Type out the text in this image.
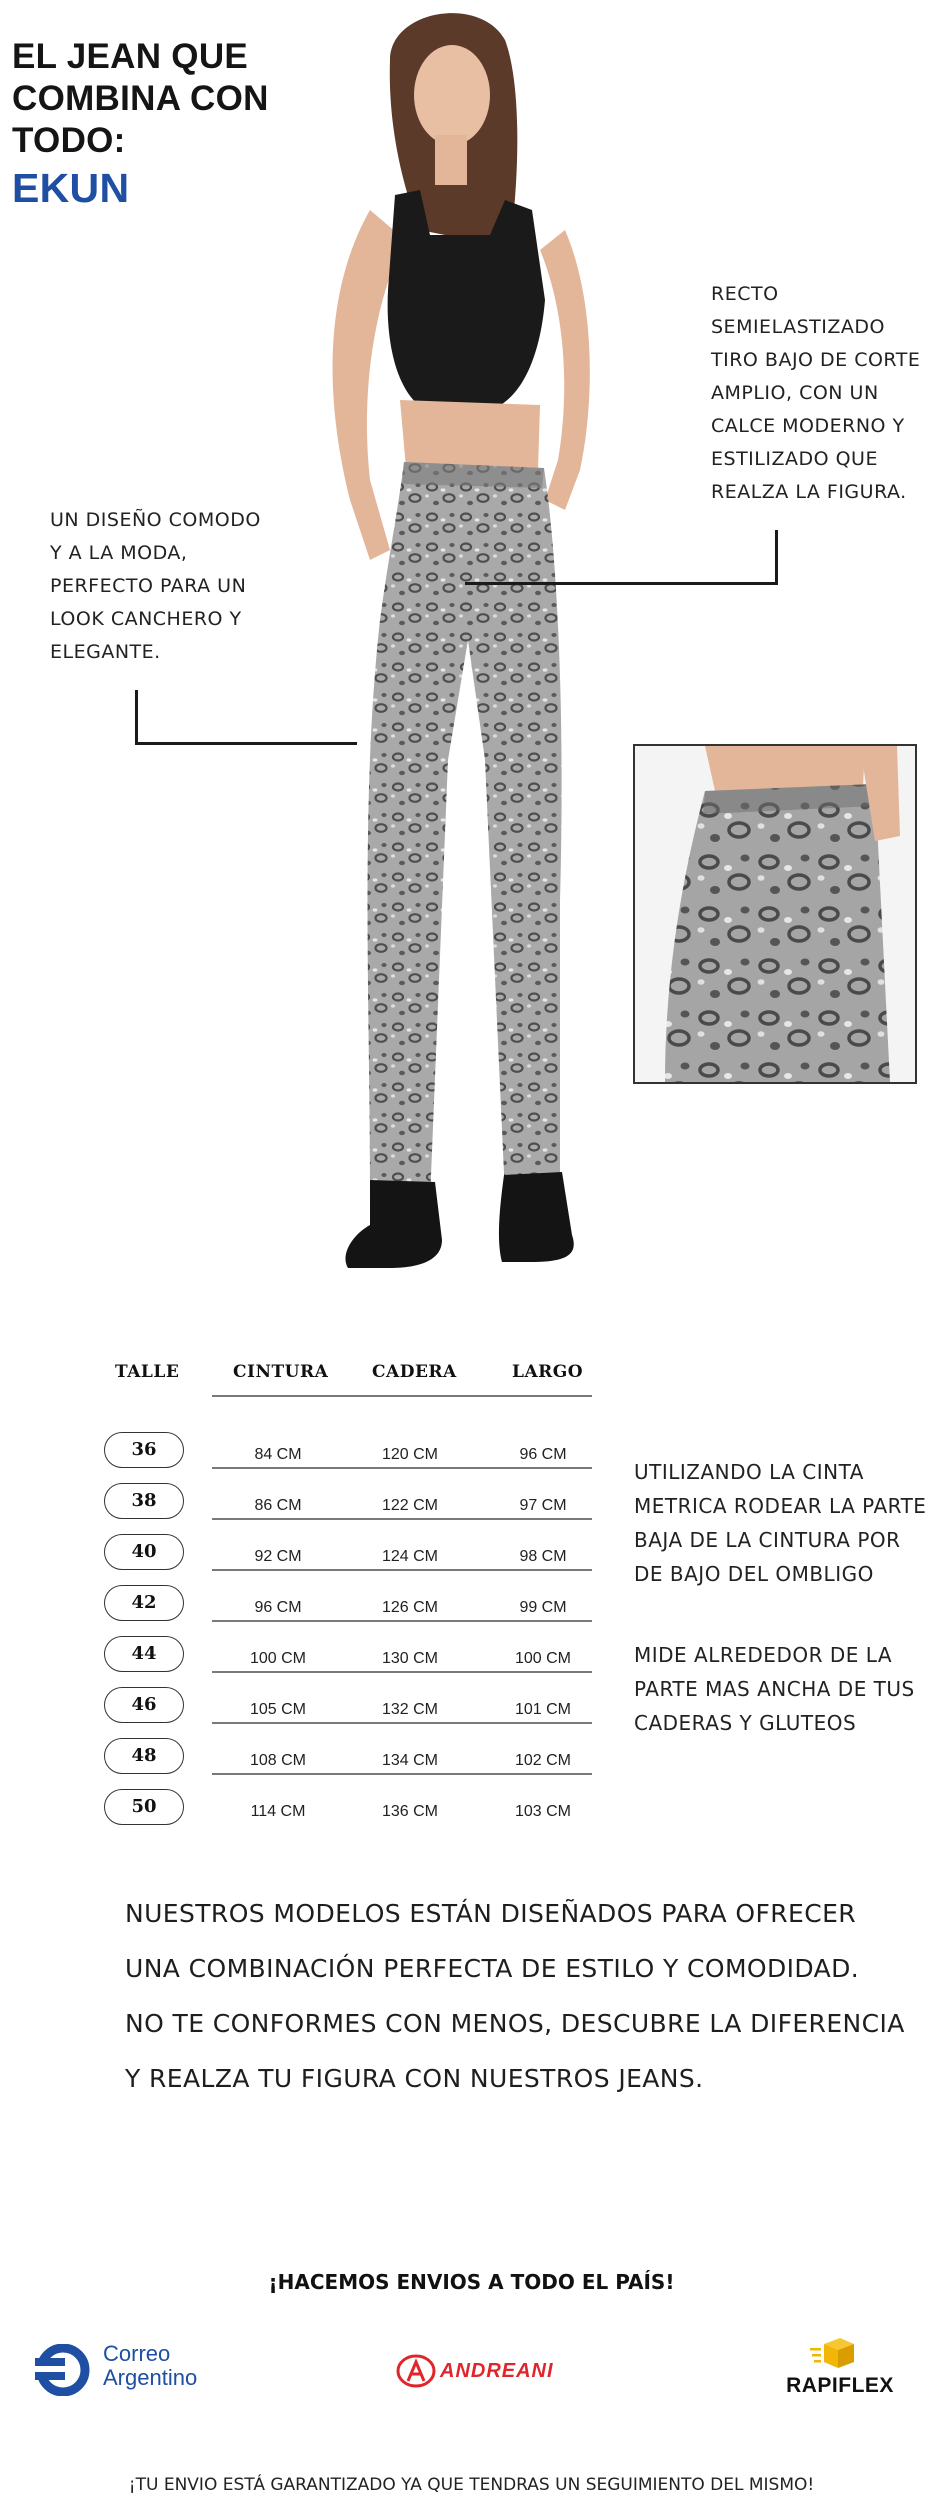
EL JEAN QUE
COMBINA CON
TODO:
EKUN
RECTO
SEMIELASTIZADO
TIRO BAJO DE CORTE
AMPLIO, CON UN
CALCE MODERNO Y
ESTILIZADO QUE
REALZA LA FIGURA.
UN DISEÑO COMODO
Y A LA MODA,
PERFECTO PARA UN
LOOK CANCHERO Y
ELEGANTE.
TALLE	CINTURA	CADERA	LARGO
36	84 CM	120 CM	96 CM
38	86 CM	122 CM	97 CM
40	92 CM	124 CM	98 CM
42	96 CM	126 CM	99 CM
44	100 CM	130 CM	100 CM
46	105 CM	132 CM	101 CM
48	108 CM	134 CM	102 CM
50	114 CM	136 CM	103 CM
UTILIZANDO LA CINTA
METRICA RODEAR LA PARTE
BAJA DE LA CINTURA POR
DE BAJO DEL OMBLIGO
MIDE ALREDEDOR DE LA
PARTE MAS ANCHA DE TUS
CADERAS Y GLUTEOS

NUESTROS MODELOS ESTÁN DISEÑADOS PARA OFRECER

UNA COMBINACIÓN PERFECTA DE ESTILO Y COMODIDAD.

NO TE CONFORMES CON MENOS, DESCUBRE LA DIFERENCIA

Y REALZA TU FIGURA CON NUESTROS JEANS.

¡HACEMOS ENVIOS A TODO EL PAÍS!
Correo
Argentino	ANDREANI
RAPIFLEX
¡TU ENVIO ESTÁ GARANTIZADO YA QUE TENDRAS UN SEGUIMIENTO DEL MISMO!
